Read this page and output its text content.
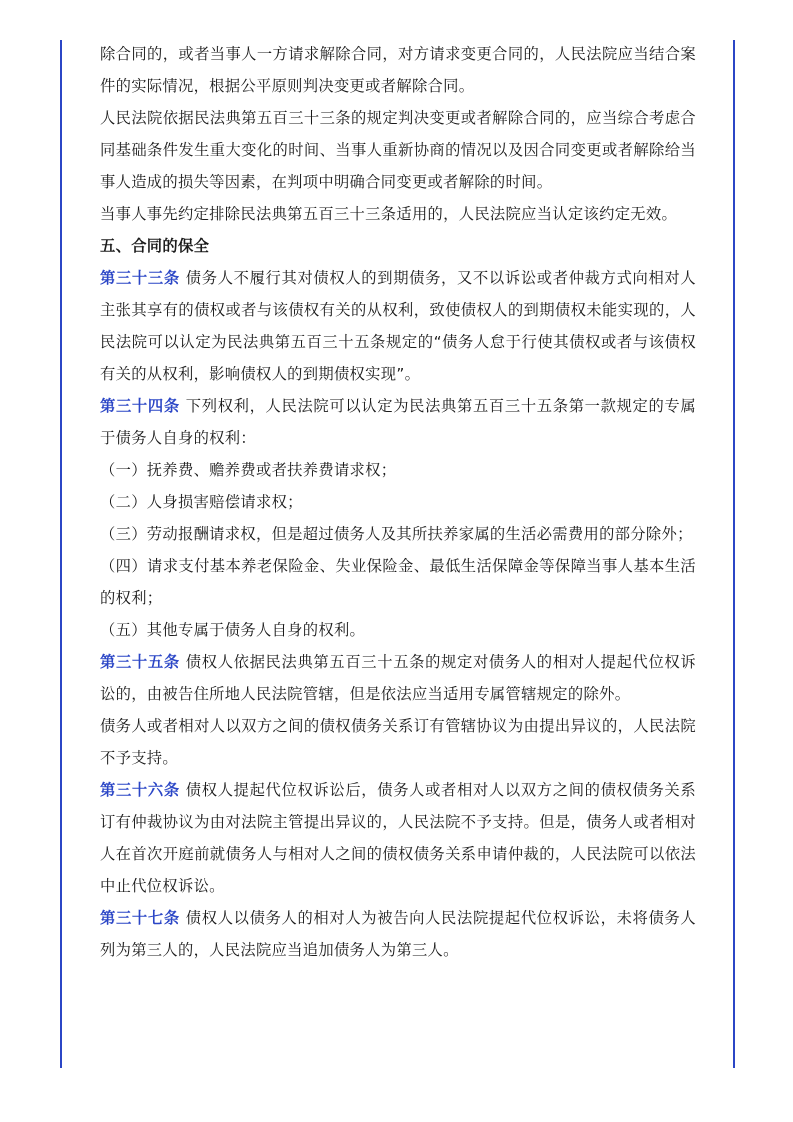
除合同的，或者当事人一方请求解除合同，对方请求变更合同的，人民法院应当结合案件的实际情况，根据公平原则判决变更或者解除合同。

人民法院依据民法典第五百三十三条的规定判决变更或者解除合同的，应当综合考虑合同基础条件发生重大变化的时间、当事人重新协商的情况以及因合同变更或者解除给当事人造成的损失等因素，在判项中明确合同变更或者解除的时间。

当事人事先约定排除民法典第五百三十三条适用的，人民法院应当认定该约定无效。

五、合同的保全

第三十三条 债务人不履行其对债权人的到期债务，又不以诉讼或者仲裁方式向相对人主张其享有的债权或者与该债权有关的从权利，致使债权人的到期债权未能实现的，人民法院可以认定为民法典第五百三十五条规定的“债务人怠于行使其债权或者与该债权有关的从权利，影响债权人的到期债权实现”。

第三十四条 下列权利，人民法院可以认定为民法典第五百三十五条第一款规定的专属于债务人自身的权利：

（一）抚养费、赡养费或者扶养费请求权；

（二）人身损害赔偿请求权；

（三）劳动报酬请求权，但是超过债务人及其所扶养家属的生活必需费用的部分除外；

（四）请求支付基本养老保险金、失业保险金、最低生活保障金等保障当事人基本生活的权利；

（五）其他专属于债务人自身的权利。

第三十五条 债权人依据民法典第五百三十五条的规定对债务人的相对人提起代位权诉讼的，由被告住所地人民法院管辖，但是依法应当适用专属管辖规定的除外。

债务人或者相对人以双方之间的债权债务关系订有管辖协议为由提出异议的，人民法院不予支持。

第三十六条 债权人提起代位权诉讼后，债务人或者相对人以双方之间的债权债务关系订有仲裁协议为由对法院主管提出异议的，人民法院不予支持。但是，债务人或者相对人在首次开庭前就债务人与相对人之间的债权债务关系申请仲裁的，人民法院可以依法中止代位权诉讼。

第三十七条 债权人以债务人的相对人为被告向人民法院提起代位权诉讼，未将债务人列为第三人的，人民法院应当追加债务人为第三人。
